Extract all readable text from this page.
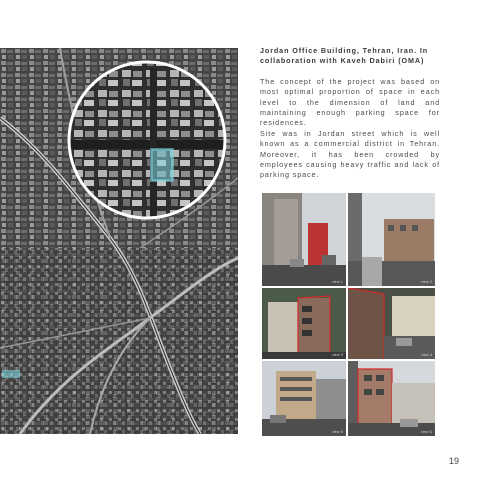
Jordan Office Building, Tehran, Iran. In

collaboration with Kaveh Dabiri (OMA)

The concept of the project was based on most optimal proportion of space in each level to the dimension of land and maintaining enough parking space for residences.

Site was in Jordan street which is well known as a commercial district in Tehran. Moreover, it has been crowded by employees causing heavy traffic and lack of parking space.

view 1	view 2
view 3	view 4
view 5	view 6
19
